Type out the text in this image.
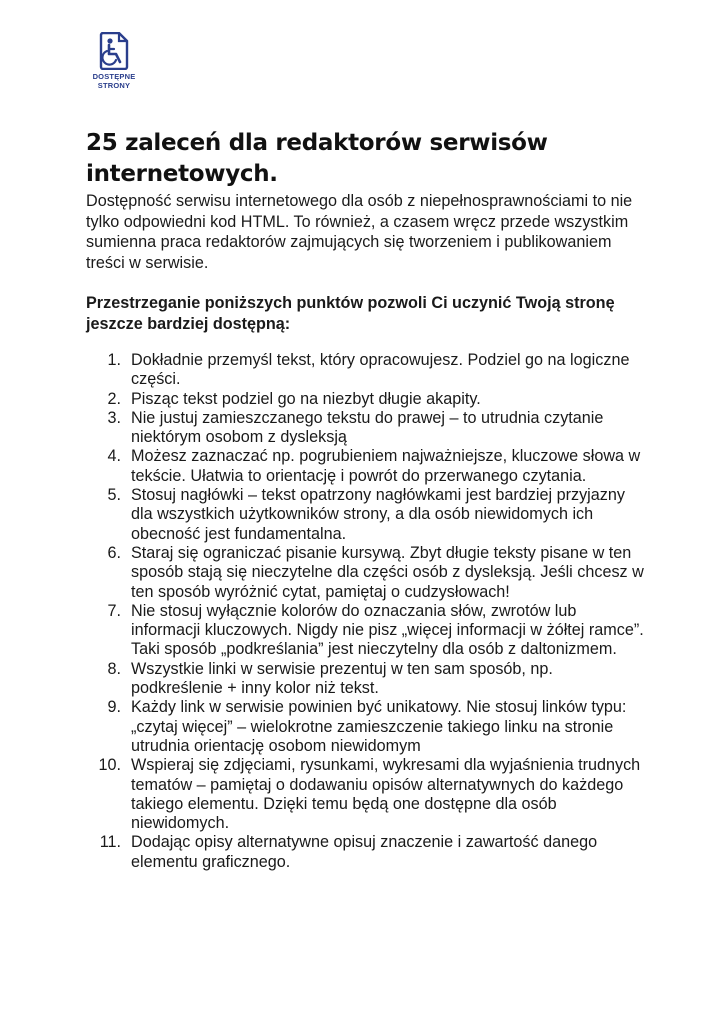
DOSTĘPNE
STRONY
25 zaleceń dla redaktorów serwisów internetowych.

Dostępność serwisu internetowego dla osób z niepełnosprawnościami to nie tylko odpowiedni kod HTML. To również, a czasem wręcz przede wszystkim sumienna praca redaktorów zajmujących się tworzeniem i publikowaniem treści w serwisie.

Przestrzeganie poniższych punktów pozwoli Ci uczynić Twoją stronę jeszcze bardziej dostępną:

1. Dokładnie przemyśl tekst, który opracowujesz. Podziel go na logiczne części.
2. Pisząc tekst podziel go na niezbyt długie akapity.
3. Nie justuj zamieszczanego tekstu do prawej – to utrudnia czytanie niektórym osobom z dysleksją
4. Możesz zaznaczać np. pogrubieniem najważniejsze, kluczowe słowa w tekście. Ułatwia to orientację i powrót do przerwanego czytania.
5. Stosuj nagłówki – tekst opatrzony nagłówkami jest bardziej przyjazny dla wszystkich użytkowników strony, a dla osób niewidomych ich obecność jest fundamentalna.
6. Staraj się ograniczać pisanie kursywą. Zbyt długie teksty pisane w ten sposób stają się nieczytelne dla części osób z dysleksją. Jeśli chcesz w ten sposób wyróżnić cytat, pamiętaj o cudzysłowach!
7. Nie stosuj wyłącznie kolorów do oznaczania słów, zwrotów lub informacji kluczowych. Nigdy nie pisz „więcej informacji w żółtej ramce”. Taki sposób „podkreślania” jest nieczytelny dla osób z daltonizmem.
8. Wszystkie linki w serwisie prezentuj w ten sam sposób, np. podkreślenie + inny kolor niż tekst.
9. Każdy link w serwisie powinien być unikatowy. Nie stosuj linków typu: „czytaj więcej” – wielokrotne zamieszczenie takiego linku na stronie utrudnia orientację osobom niewidomym
10. Wspieraj się zdjęciami, rysunkami, wykresami dla wyjaśnienia trudnych tematów – pamiętaj o dodawaniu opisów alternatywnych do każdego takiego elementu. Dzięki temu będą one dostępne dla osób niewidomych.
11. Dodając opisy alternatywne opisuj znaczenie i zawartość danego elementu graficznego.
